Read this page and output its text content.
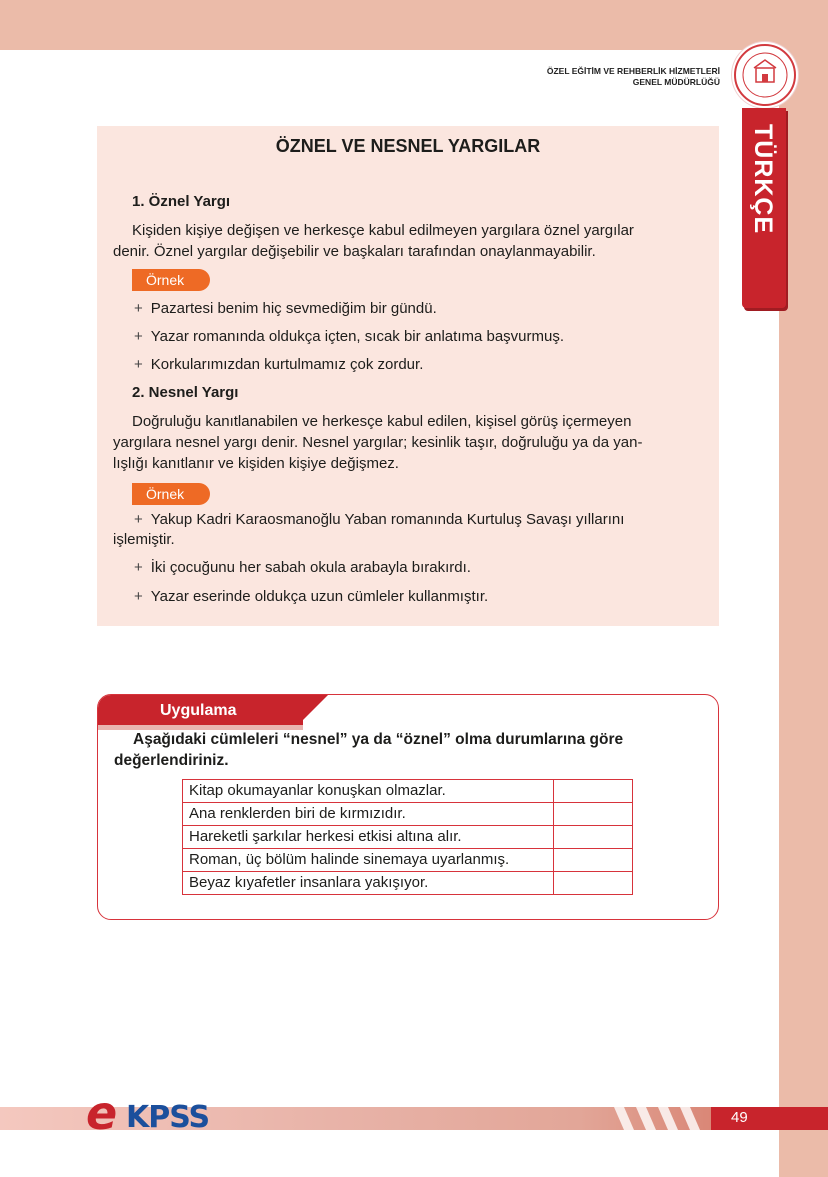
ÖZEL EĞİTİM VE REHBERLİK HİZMETLERİ
GENEL MÜDÜRLÜĞÜ
TÜRKÇE
ÖZNEL VE NESNEL YARGILAR
1. Öznel Yargı
Kişiden kişiye değişen ve herkesçe kabul edilmeyen yargılara öznel yargılar
denir. Öznel yargılar değişebilir ve başkaları tarafından onaylanmayabilir.
Örnek
+ Pazartesi benim hiç sevmediğim bir gündü.
+ Yazar romanında oldukça içten, sıcak bir anlatıma başvurmuş.
+ Korkularımızdan kurtulmamız çok zordur.
2. Nesnel Yargı
Doğruluğu kanıtlanabilen ve herkesçe kabul edilen, kişisel görüş içermeyen
yargılara nesnel yargı denir. Nesnel yargılar; kesinlik taşır, doğruluğu ya da yan-
lışlığı kanıtlanır ve kişiden kişiye değişmez.
Örnek
+ Yakup Kadri Karaosmanoğlu Yaban romanında Kurtuluş Savaşı yıllarını
işlemiştir.
+ İki çocuğunu her sabah okula arabayla bırakırdı.
+ Yazar eserinde oldukça uzun cümleler kullanmıştır.
Uygulama
Aşağıdaki cümleleri “nesnel” ya da “öznel” olma durumlarına göre
değerlendiriniz.
Kitap okumayanlar konuşkan olmazlar.	
Ana renklerden biri de kırmızıdır.	
Hareketli şarkılar herkesi etkisi altına alır.	
Roman, üç bölüm halinde sinemaya uyarlanmış.	
Beyaz kıyafetler insanlara yakışıyor.	
49
e KPSS
